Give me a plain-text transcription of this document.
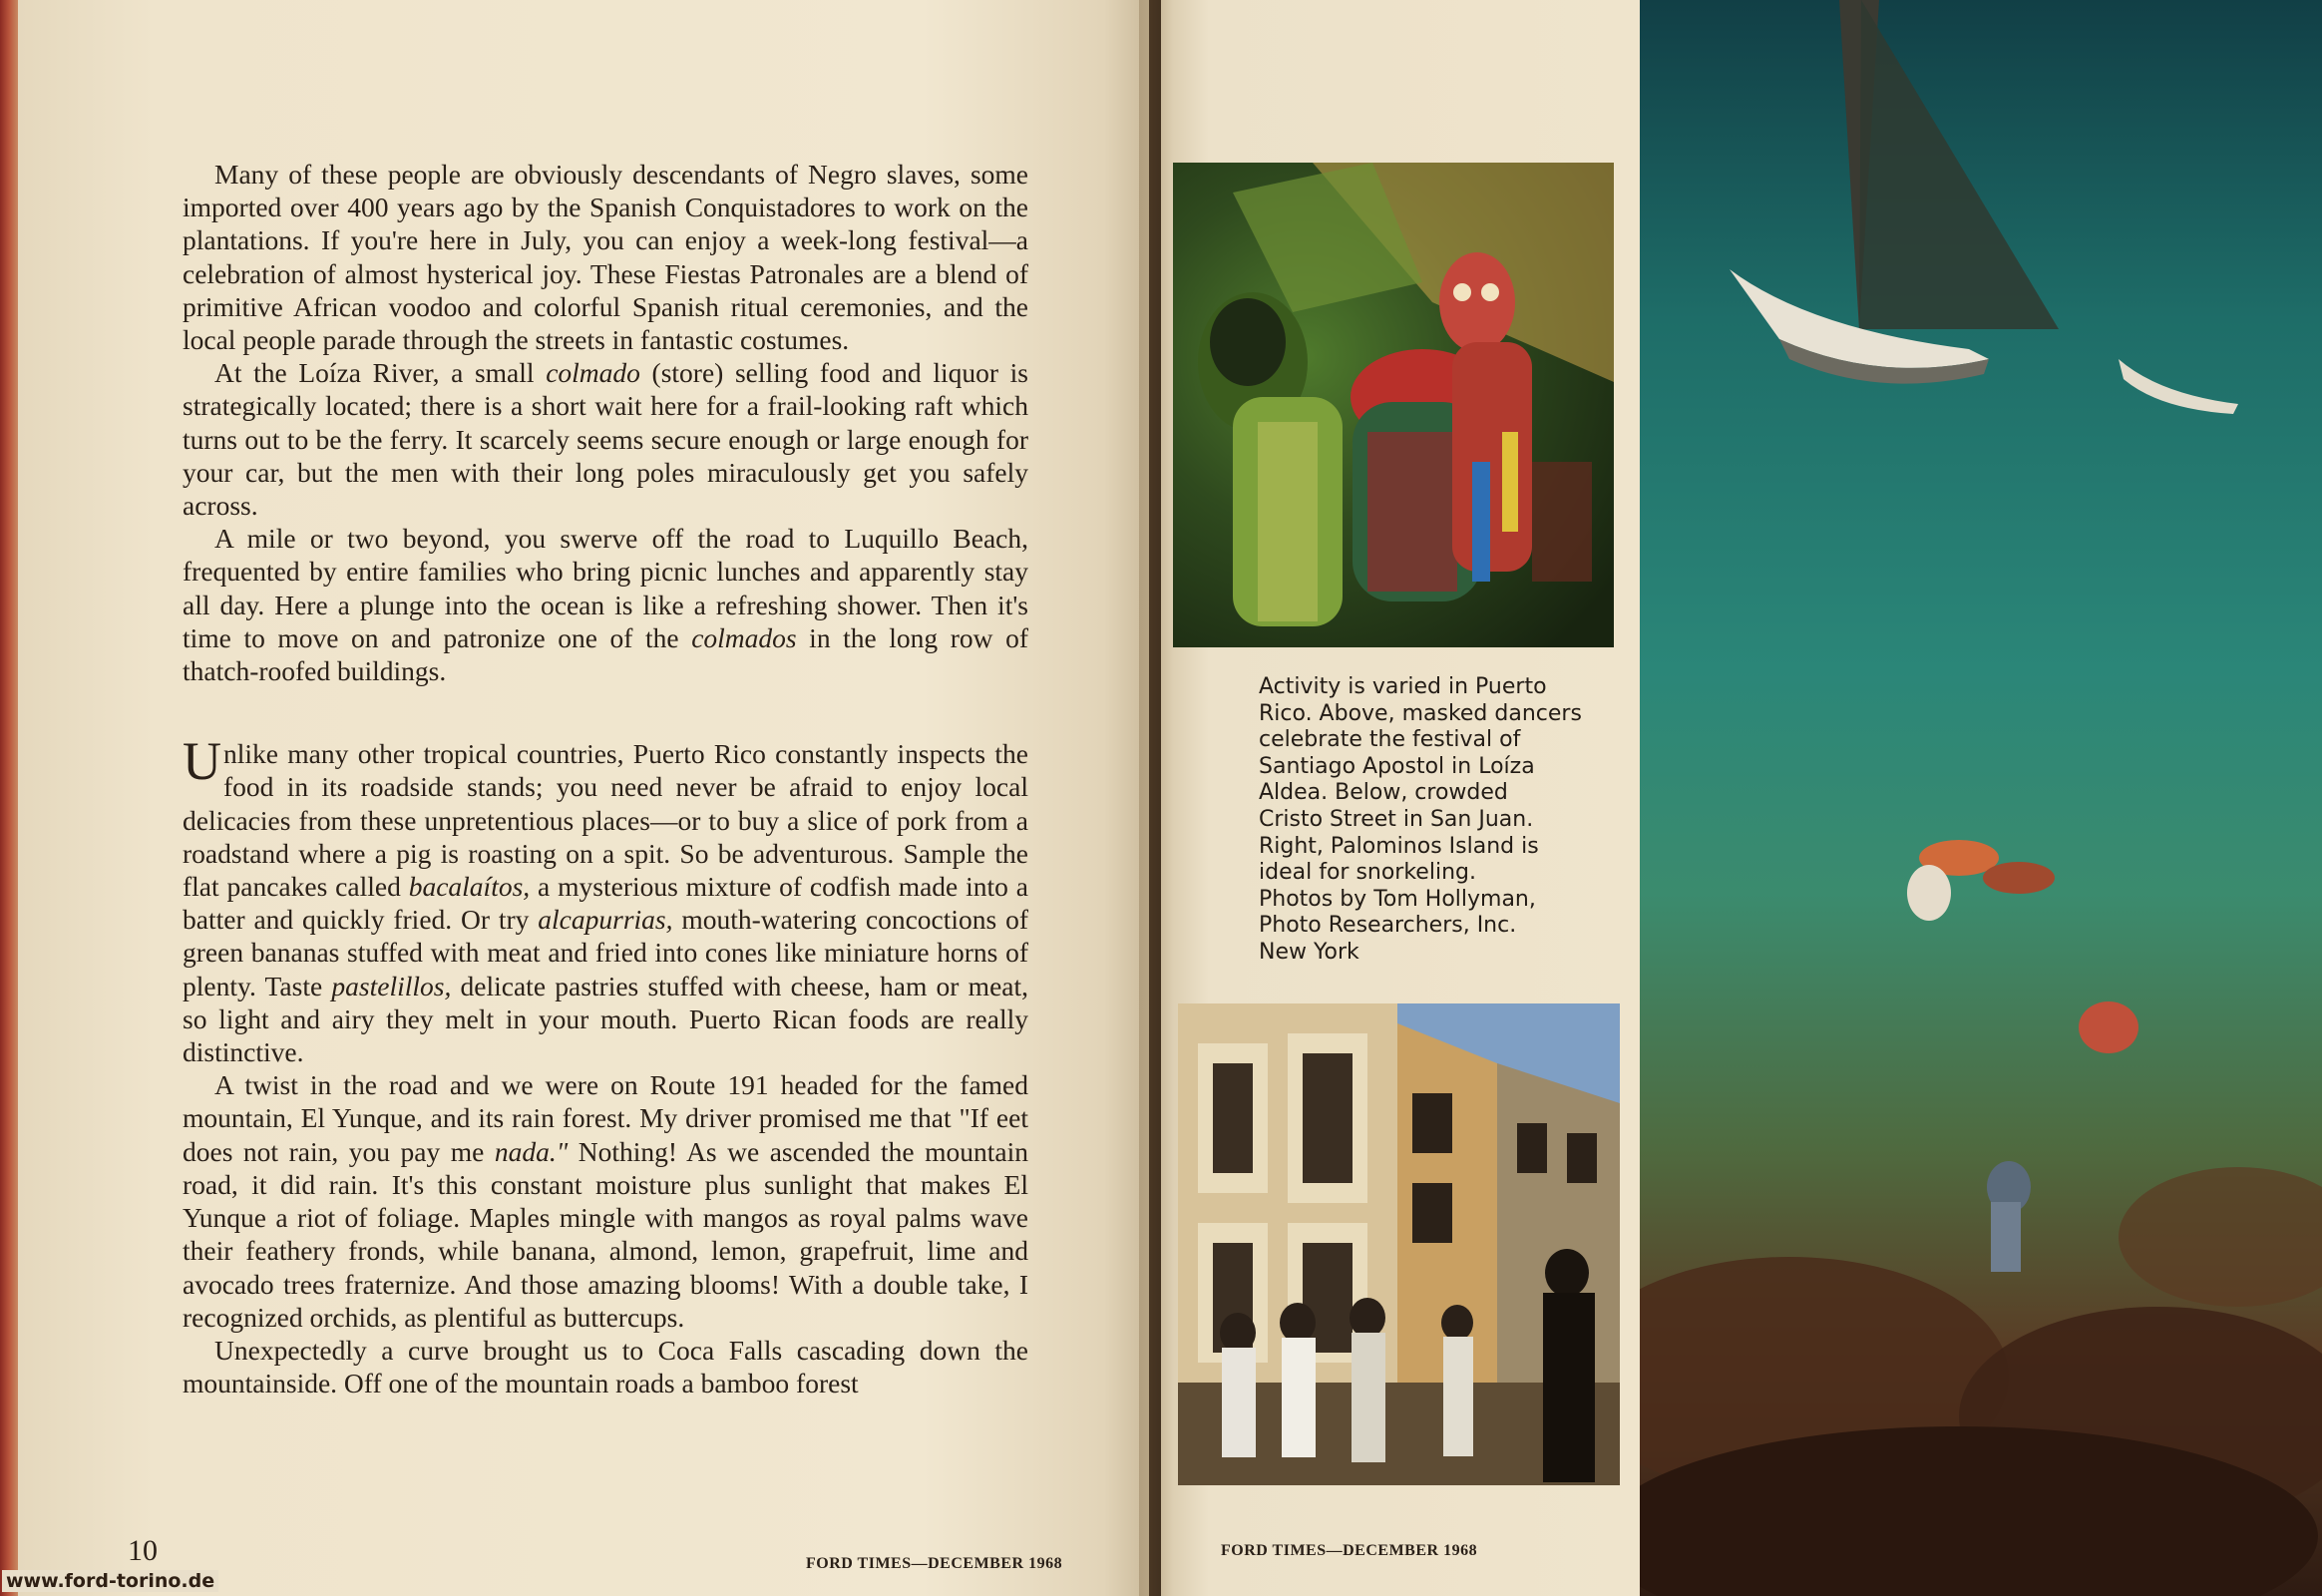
Many of these people are obviously descendants of Negro slaves, some imported over 400 years ago by the Spanish Conquistadores to work on the plantations. If you're here in July, you can enjoy a week-long festival—a celebration of almost hysterical joy. These Fiestas Patronales are a blend of primitive African voodoo and colorful Spanish ritual ceremonies, and the local people parade through the streets in fantastic costumes.

At the Loíza River, a small colmado (store) selling food and liquor is strategically located; there is a short wait here for a frail-looking raft which turns out to be the ferry. It scarcely seems secure enough or large enough for your car, but the men with their long poles miraculously get you safely across.

A mile or two beyond, you swerve off the road to Luquillo Beach, frequented by entire families who bring picnic lunches and apparently stay all day. Here a plunge into the ocean is like a refreshing shower. Then it's time to move on and patronize one of the colmados in the long row of thatch-roofed buildings.

Unlike many other tropical countries, Puerto Rico constantly inspects the food in its roadside stands; you need never be afraid to enjoy local delicacies from these unpretentious places—or to buy a slice of pork from a roadstand where a pig is roasting on a spit. So be adventurous. Sample the flat pancakes called bacalaítos, a mysterious mixture of codfish made into a batter and quickly fried. Or try alcapurrias, mouth-watering concoctions of green bananas stuffed with meat and fried into cones like miniature horns of plenty. Taste pastelillos, delicate pastries stuffed with cheese, ham or meat, so light and airy they melt in your mouth. Puerto Rican foods are really distinctive.

A twist in the road and we were on Route 191 headed for the famed mountain, El Yunque, and its rain forest. My driver promised me that "If eet does not rain, you pay me nada." Nothing! As we ascended the mountain road, it did rain. It's this constant moisture plus sunlight that makes El Yunque a riot of foliage. Maples mingle with mangos as royal palms wave their feathery fronds, while banana, almond, lemon, grapefruit, lime and avocado trees fraternize. And those amazing blooms! With a double take, I recognized orchids, as plentiful as buttercups.

Unexpectedly a curve brought us to Coca Falls cascading down the mountainside. Off one of the mountain roads a bamboo forest

10	FORD TIMES—DECEMBER 1968
FORD TIMES—DECEMBER 1968
www.ford-torino.de
Activity is varied in Puerto
Rico. Above, masked dancers
celebrate the festival of
Santiago Apostol in Loíza
Aldea. Below, crowded
Cristo Street in San Juan.
Right, Palominos Island is
ideal for snorkeling.
Photos by Tom Hollyman,
Photo Researchers, Inc.
New York
